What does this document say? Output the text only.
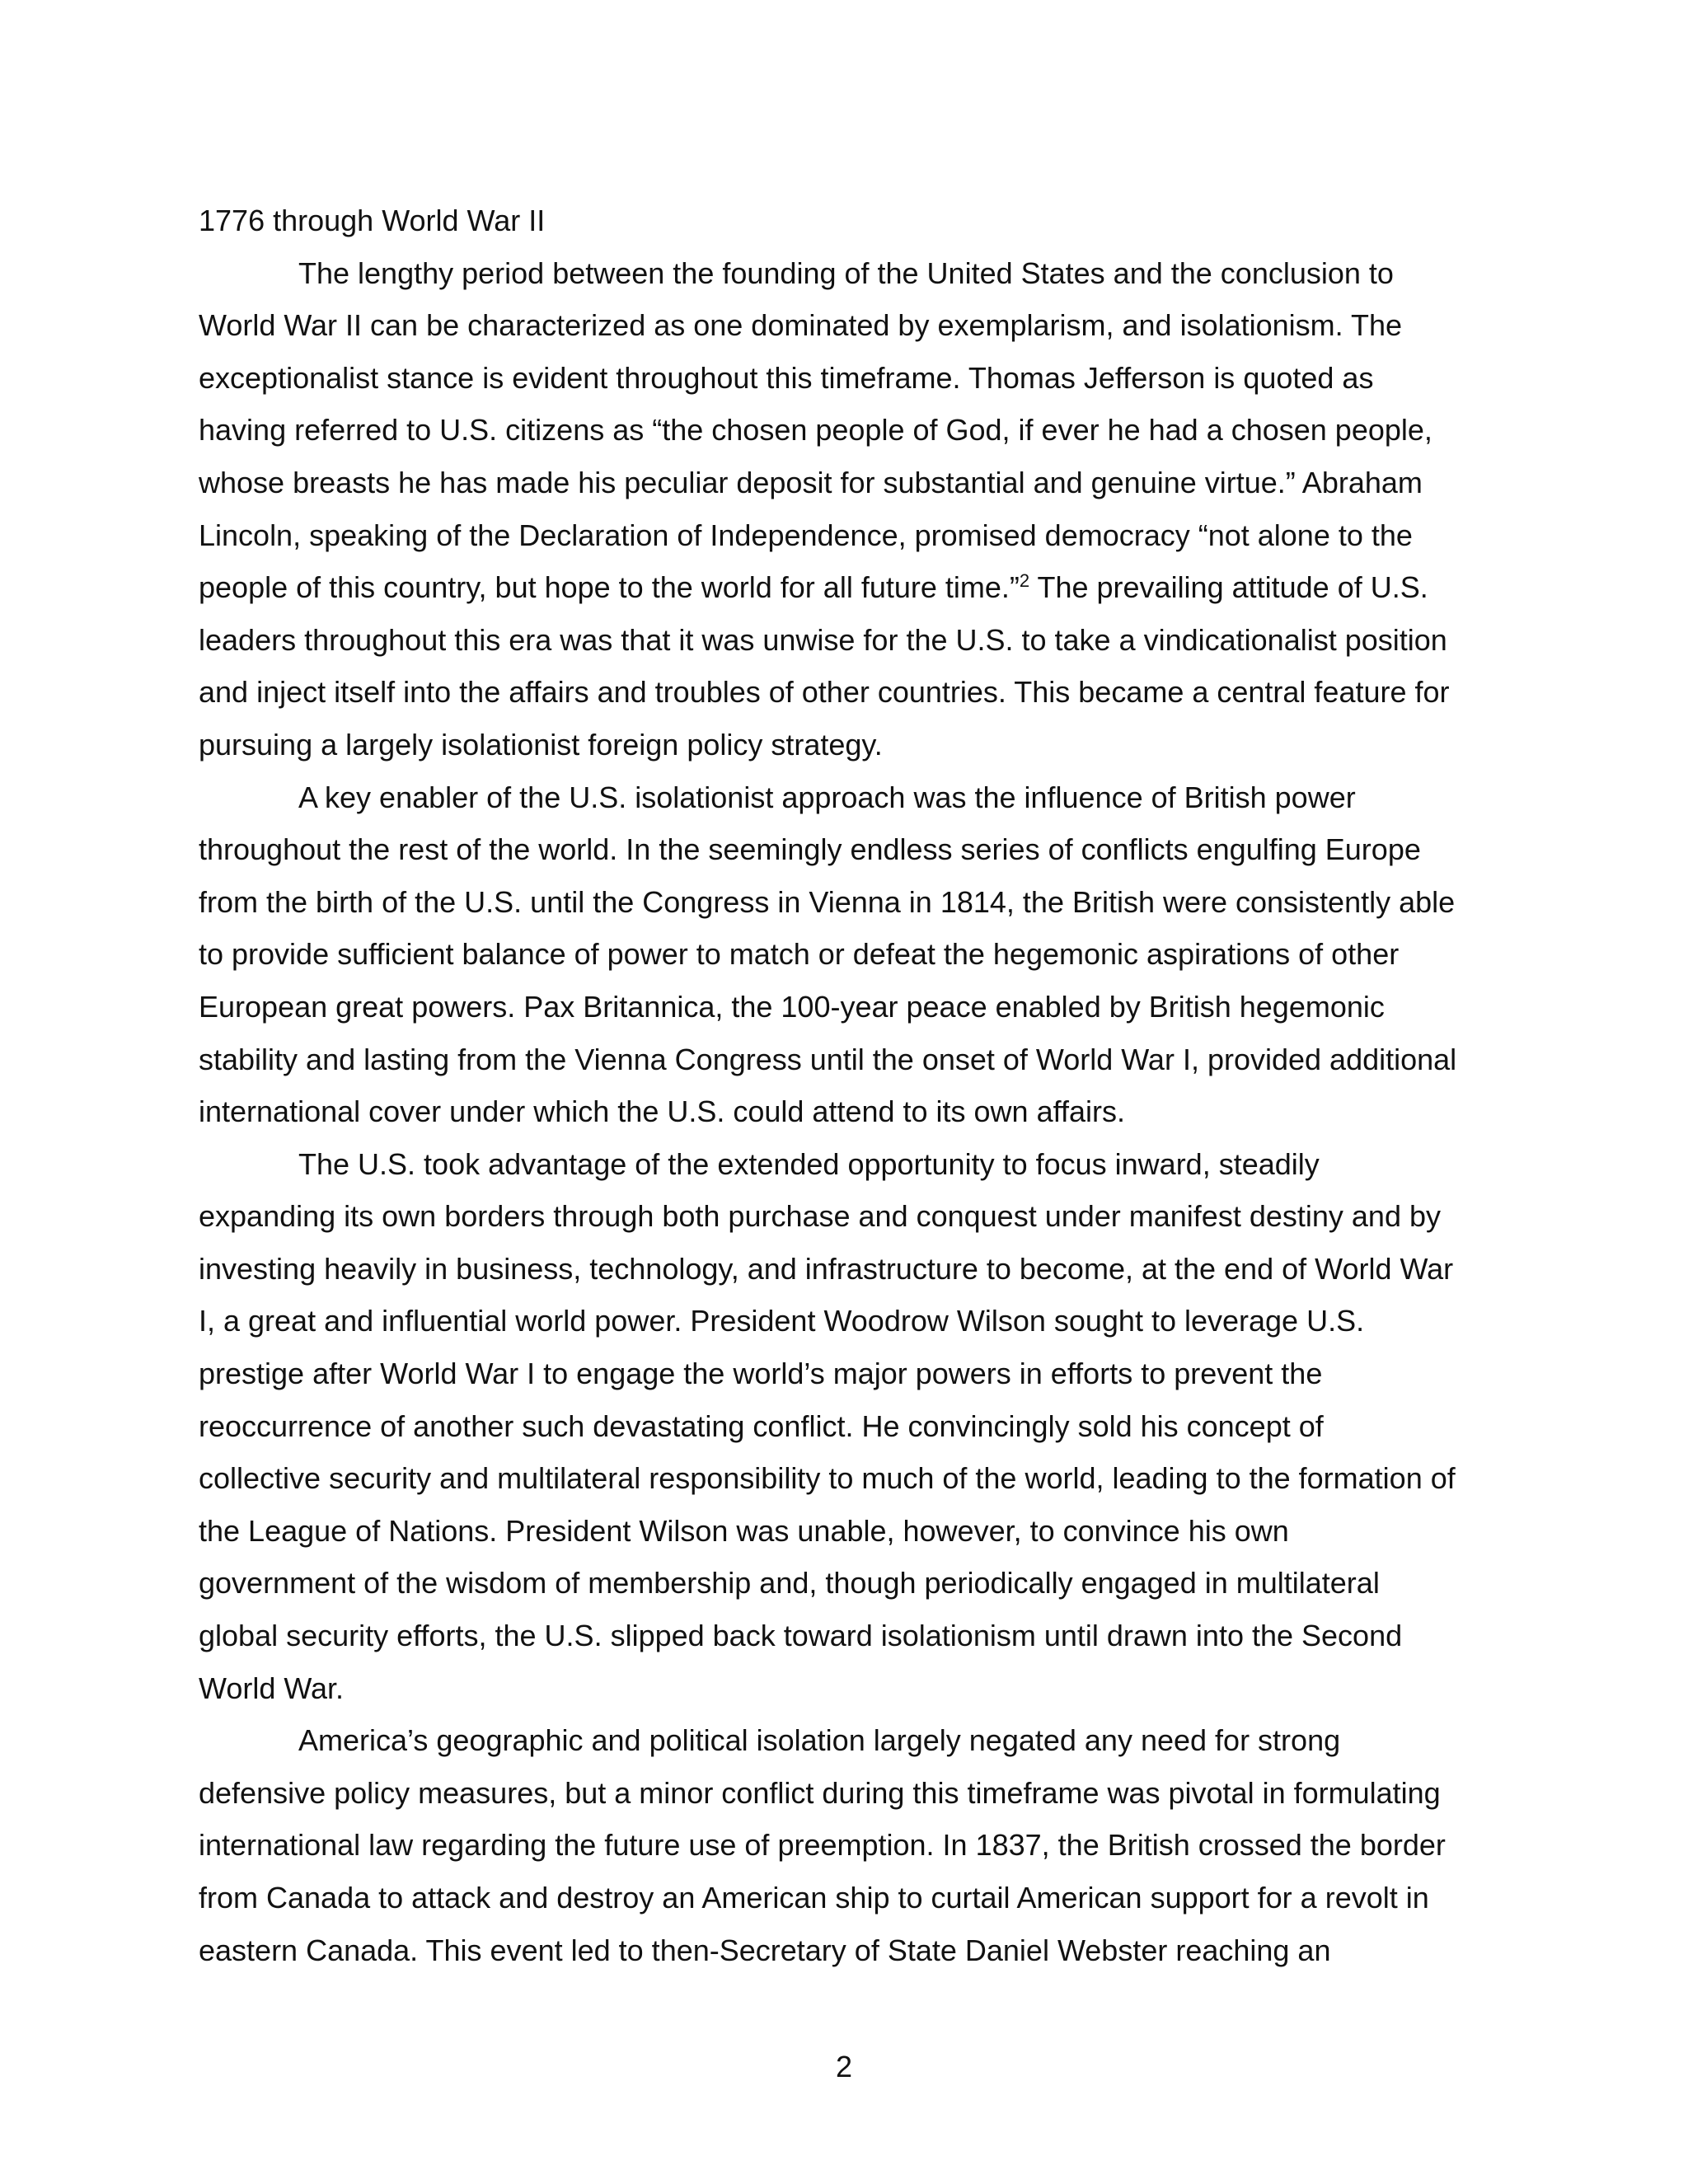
1776 through World War II
The lengthy period between the founding of the United States and the conclusion to
World War II can be characterized as one dominated by exemplarism, and isolationism. The
exceptionalist stance is evident throughout this timeframe. Thomas Jefferson is quoted as
having referred to U.S. citizens as “the chosen people of God, if ever he had a chosen people,
whose breasts he has made his peculiar deposit for substantial and genuine virtue.” Abraham
Lincoln, speaking of the Declaration of Independence, promised democracy “not alone to the
people of this country, but hope to the world for all future time.”$^2$ The prevailing attitude of U.S.
leaders throughout this era was that it was unwise for the U.S. to take a vindicationalist position
and inject itself into the affairs and troubles of other countries. This became a central feature for
pursuing a largely isolationist foreign policy strategy.
A key enabler of the U.S. isolationist approach was the influence of British power
throughout the rest of the world. In the seemingly endless series of conflicts engulfing Europe
from the birth of the U.S. until the Congress in Vienna in 1814, the British were consistently able
to provide sufficient balance of power to match or defeat the hegemonic aspirations of other
European great powers. Pax Britannica, the 100-year peace enabled by British hegemonic
stability and lasting from the Vienna Congress until the onset of World War I, provided additional
international cover under which the U.S. could attend to its own affairs.
The U.S. took advantage of the extended opportunity to focus inward, steadily
expanding its own borders through both purchase and conquest under manifest destiny and by
investing heavily in business, technology, and infrastructure to become, at the end of World War
I, a great and influential world power. President Woodrow Wilson sought to leverage U.S.
prestige after World War I to engage the world’s major powers in efforts to prevent the
reoccurrence of another such devastating conflict. He convincingly sold his concept of
collective security and multilateral responsibility to much of the world, leading to the formation of
the League of Nations. President Wilson was unable, however, to convince his own
government of the wisdom of membership and, though periodically engaged in multilateral
global security efforts, the U.S. slipped back toward isolationism until drawn into the Second
World War.
America’s geographic and political isolation largely negated any need for strong
defensive policy measures, but a minor conflict during this timeframe was pivotal in formulating
international law regarding the future use of preemption. In 1837, the British crossed the border
from Canada to attack and destroy an American ship to curtail American support for a revolt in
eastern Canada. This event led to then-Secretary of State Daniel Webster reaching an
2
